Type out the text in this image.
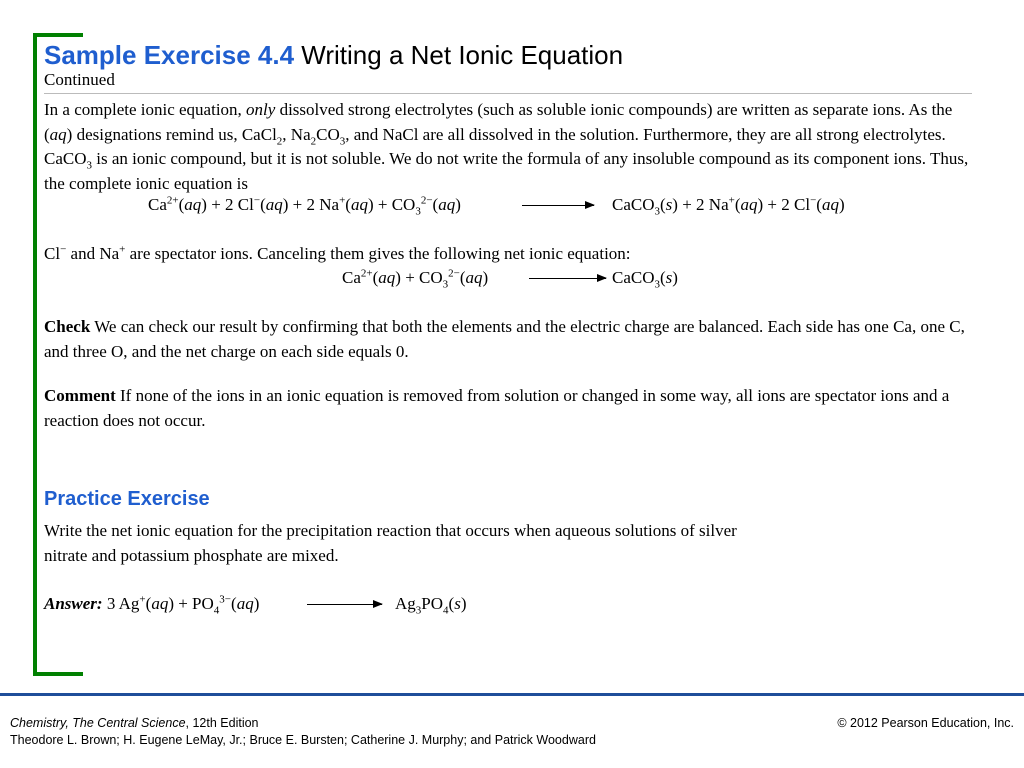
Sample Exercise 4.4 Writing a Net Ionic Equation
Continued
In a complete ionic equation, only dissolved strong electrolytes (such as soluble ionic compounds) are written as separate ions. As the (aq) designations remind us, CaCl$_2$, $Na_2CO_3$, and NaCl are all dissolved in the solution. Furthermore, they are all strong electrolytes. CaCO$_3$ is an ionic compound, but it is not soluble. We do not write the formula of any insoluble compound as its component ions. Thus, the complete ionic equation is
$Ca^{2+}(aq) + 2$ Cl−(aq) + 2 $Na^+(aq) + CO_3^{2-}(aq)$	CaCO$_3$(s) + 2 Na+(aq) + 2 Cl−(aq)
Cl− and Na+ are spectator ions. Canceling them gives the following net ionic equation:
$Ca^{2+}(aq) + CO_3^{2-}(aq)$	CaCO$_3$(s)
Check We can check our result by confirming that both the elements and the electric charge are balanced. Each side has one Ca, one C, and three O, and the net charge on each side equals 0.
Comment If none of the ions in an ionic equation is removed from solution or changed in some way, all ions are spectator ions and a reaction does not occur.
Practice Exercise
Write the net ionic equation for the precipitation reaction that occurs when aqueous solutions of silver
nitrate and potassium phosphate are mixed.
Answer: 3 $Ag^+(aq) + PO_4^{3-}(aq)$	$Ag_3PO_4(s)$
Chemistry, The Central Science, 12th Edition
Theodore L. Brown; H. Eugene LeMay, Jr.; Bruce E. Bursten; Catherine J. Murphy; and Patrick Woodward
© 2012 Pearson Education, Inc.
